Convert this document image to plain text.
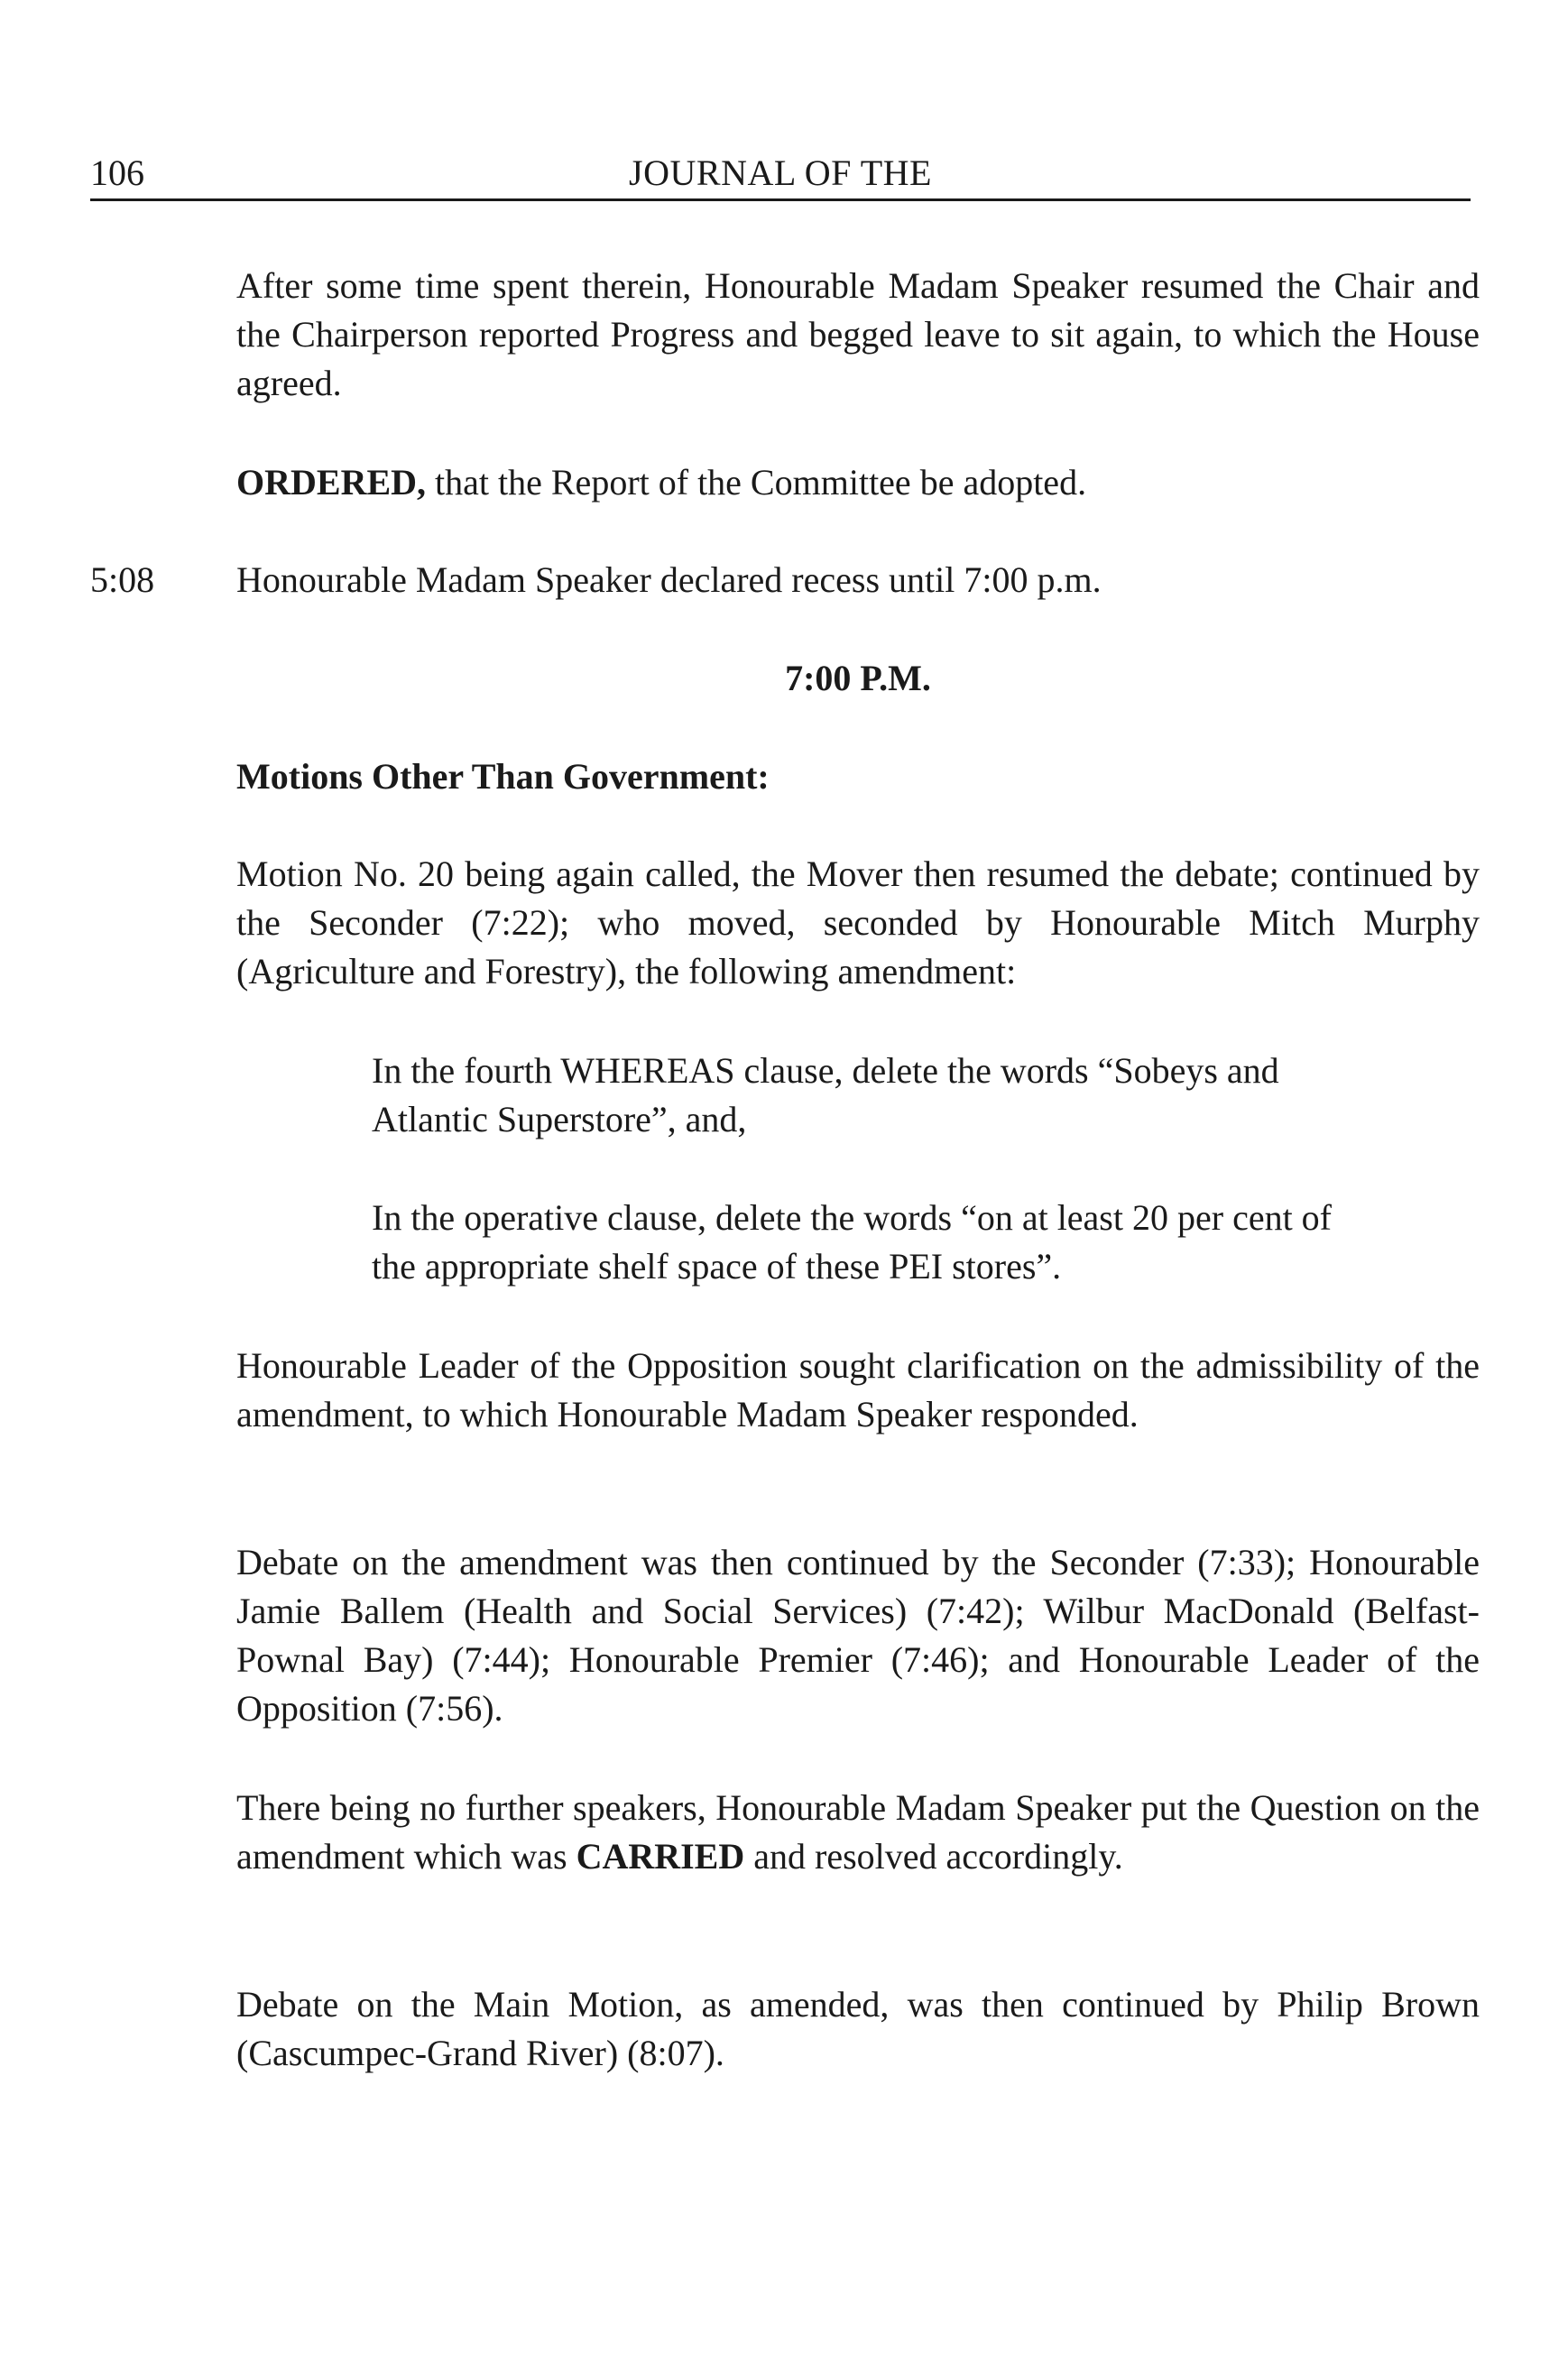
106	JOURNAL OF THE

After some time spent therein, Honourable Madam Speaker resumed the Chair and the Chairperson reported Progress and begged leave to sit again, to which the House agreed.

ORDERED, that the Report of the Committee be adopted.

5:08 Honourable Madam Speaker declared recess until 7:00 p.m.

7:00 P.M.

Motions Other Than Government:

Motion No. 20 being again called, the Mover then resumed the debate; continued by the Seconder (7:22); who moved, seconded by Honourable Mitch Murphy (Agriculture and Forestry), the following amendment:

In the fourth WHEREAS clause, delete the words “Sobeys and Atlantic Superstore”, and,

In the operative clause, delete the words “on at least 20 per cent of the appropriate shelf space of these PEI stores”.

Honourable Leader of the Opposition sought clarification on the admissibility of the amendment, to which Honourable Madam Speaker responded.

Debate on the amendment was then continued by the Seconder (7:33); Honourable Jamie Ballem (Health and Social Services) (7:42); Wilbur MacDonald (Belfast-Pownal Bay) (7:44); Honourable Premier (7:46); and Honourable Leader of the Opposition (7:56).

There being no further speakers, Honourable Madam Speaker put the Question on the amendment which was CARRIED and resolved accordingly.

Debate on the Main Motion, as amended, was then continued by Philip Brown (Cascumpec-Grand River) (8:07).
